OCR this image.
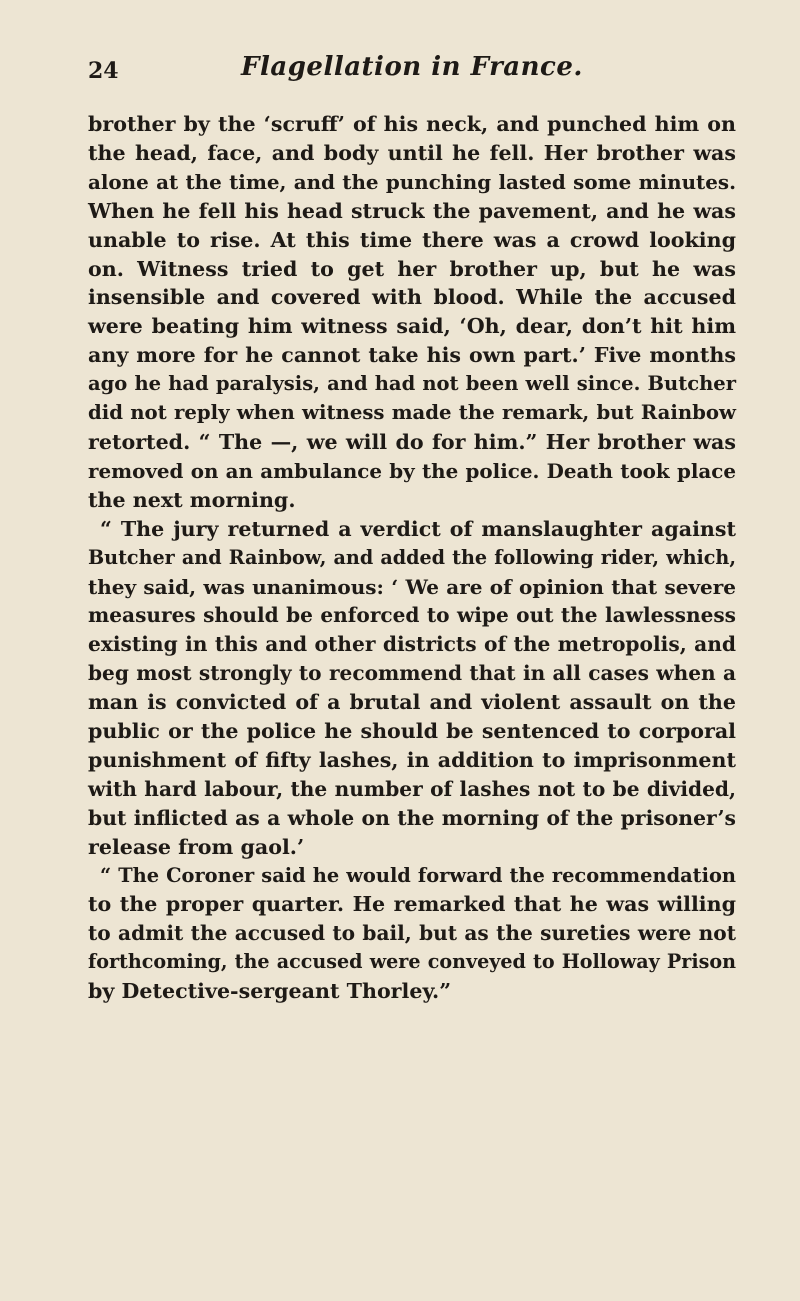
24	Flagellation in France.
brother by the ‘scruff’ of his neck, and punched him on
the head, face, and body until he fell. Her brother was
alone at the time, and the punching lasted some minutes.
When he fell his head struck the pavement, and he was
unable to rise. At this time there was a crowd looking
on. Witness tried to get her brother up, but he was
insensible and covered with blood. While the accused
were beating him witness said, ‘Oh, dear, don’t hit him
any more for he cannot take his own part.’ Five months
ago he had paralysis, and had not been well since. Butcher
did not reply when witness made the remark, but Rainbow
retorted. “ The —, we will do for him.” Her brother was
removed on an ambulance by the police. Death took place
the next morning.
“ The jury returned a verdict of manslaughter against
Butcher and Rainbow, and added the following rider, which,
they said, was unanimous: ‘ We are of opinion that severe
measures should be enforced to wipe out the lawlessness
existing in this and other districts of the metropolis, and
beg most strongly to recommend that in all cases when a
man is convicted of a brutal and violent assault on the
public or the police he should be sentenced to corporal
punishment of fifty lashes, in addition to imprisonment
with hard labour, the number of lashes not to be divided,
but inflicted as a whole on the morning of the prisoner’s
release from gaol.’
“ The Coroner said he would forward the recommendation
to the proper quarter. He remarked that he was willing
to admit the accused to bail, but as the sureties were not
forthcoming, the accused were conveyed to Holloway Prison
by Detective-sergeant Thorley.”
